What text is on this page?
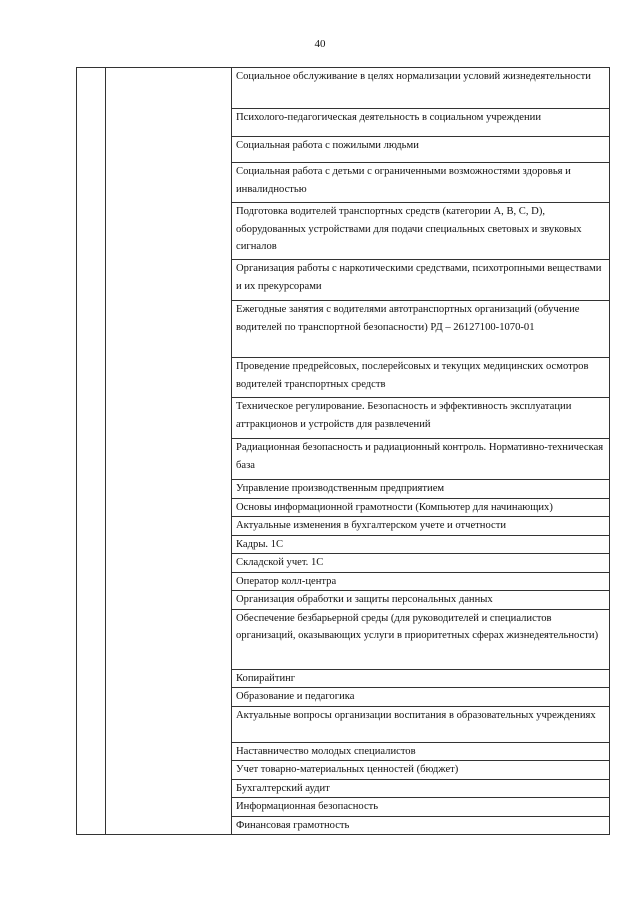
40

Социальное обслуживание в целях нормализации условий жизнедеятельности

Психолого-педагогическая деятельность в социальном учреждении

Социальная работа с пожилыми людьми

Социальная работа с детьми с ограниченными возможностями здоровья и инвалидностью

Подготовка водителей транспортных средств (категории A, B, C, D), оборудованных устройствами для подачи специальных световых и звуковых сигналов

Организация работы с наркотическими средствами, психотропными веществами и их прекурсорами

Ежегодные занятия с водителями автотранспортных организаций (обучение водителей по транспортной безопасности) РД – 26127100-1070-01

Проведение предрейсовых, послерейсовых и текущих медицинских осмотров водителей транспортных средств

Техническое регулирование. Безопасность и эффективность эксплуатации аттракционов и устройств для развлечений

Радиационная безопасность и радиационный контроль. Нормативно-техническая база

Управление производственным предприятием

Основы информационной грамотности (Компьютер для начинающих)

Актуальные изменения в бухгалтерском учете и отчетности

Кадры. 1С

Складской учет. 1С

Оператор колл-центра

Организация обработки и защиты персональных данных

Обеспечение безбарьерной среды (для руководителей и специалистов организаций, оказывающих услуги в приоритетных сферах жизнедеятельности)

Копирайтинг

Образование и педагогика

Актуальные вопросы организации воспитания в образовательных учреждениях

Наставничество молодых специалистов

Учет товарно-материальных ценностей (бюджет)

Бухгалтерский аудит

Информационная безопасность

Финансовая грамотность
